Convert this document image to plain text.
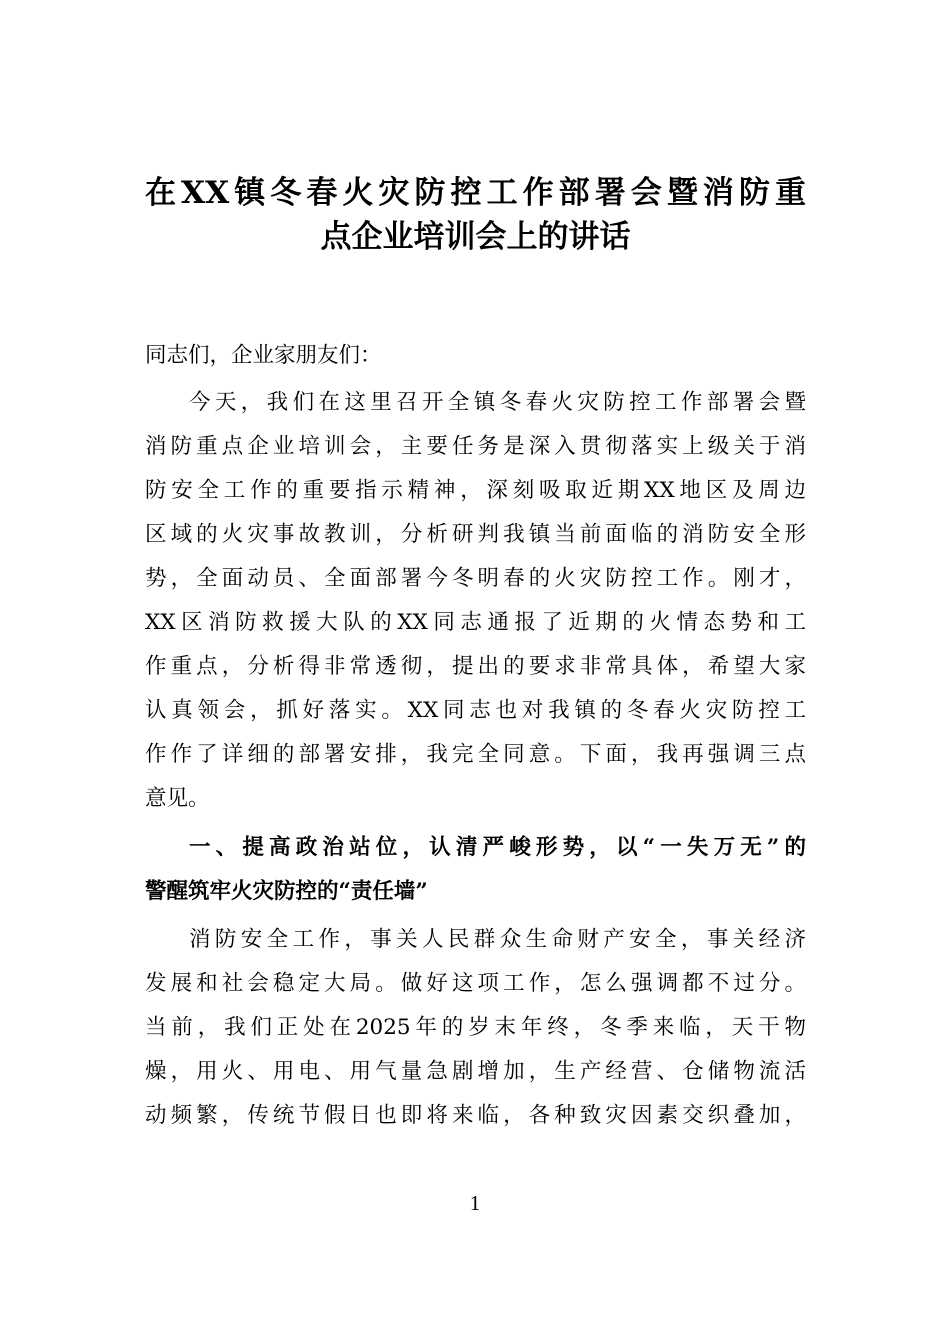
在XX镇冬春火灾防控工作部署会暨消防重
点企业培训会上的讲话
同志们，企业家朋友们：
今天，我们在这里召开全镇冬春火灾防控工作部署会暨
消防重点企业培训会，主要任务是深入贯彻落实上级关于消
防安全工作的重要指示精神，深刻吸取近期XX地区及周边
区域的火灾事故教训，分析研判我镇当前面临的消防安全形
势，全面动员、全面部署今冬明春的火灾防控工作。刚才，
XX区消防救援大队的XX同志通报了近期的火情态势和工
作重点，分析得非常透彻，提出的要求非常具体，希望大家
认真领会，抓好落实。XX同志也对我镇的冬春火灾防控工
作作了详细的部署安排，我完全同意。下面，我再强调三点
意见。
一、提高政治站位，认清严峻形势，以“一失万无”的
警醒筑牢火灾防控的“责任墙”
消防安全工作，事关人民群众生命财产安全，事关经济
发展和社会稳定大局。做好这项工作，怎么强调都不过分。
当前，我们正处在2025年的岁末年终，冬季来临，天干物
燥，用火、用电、用气量急剧增加，生产经营、仓储物流活
动频繁，传统节假日也即将来临，各种致灾因素交织叠加，
1
